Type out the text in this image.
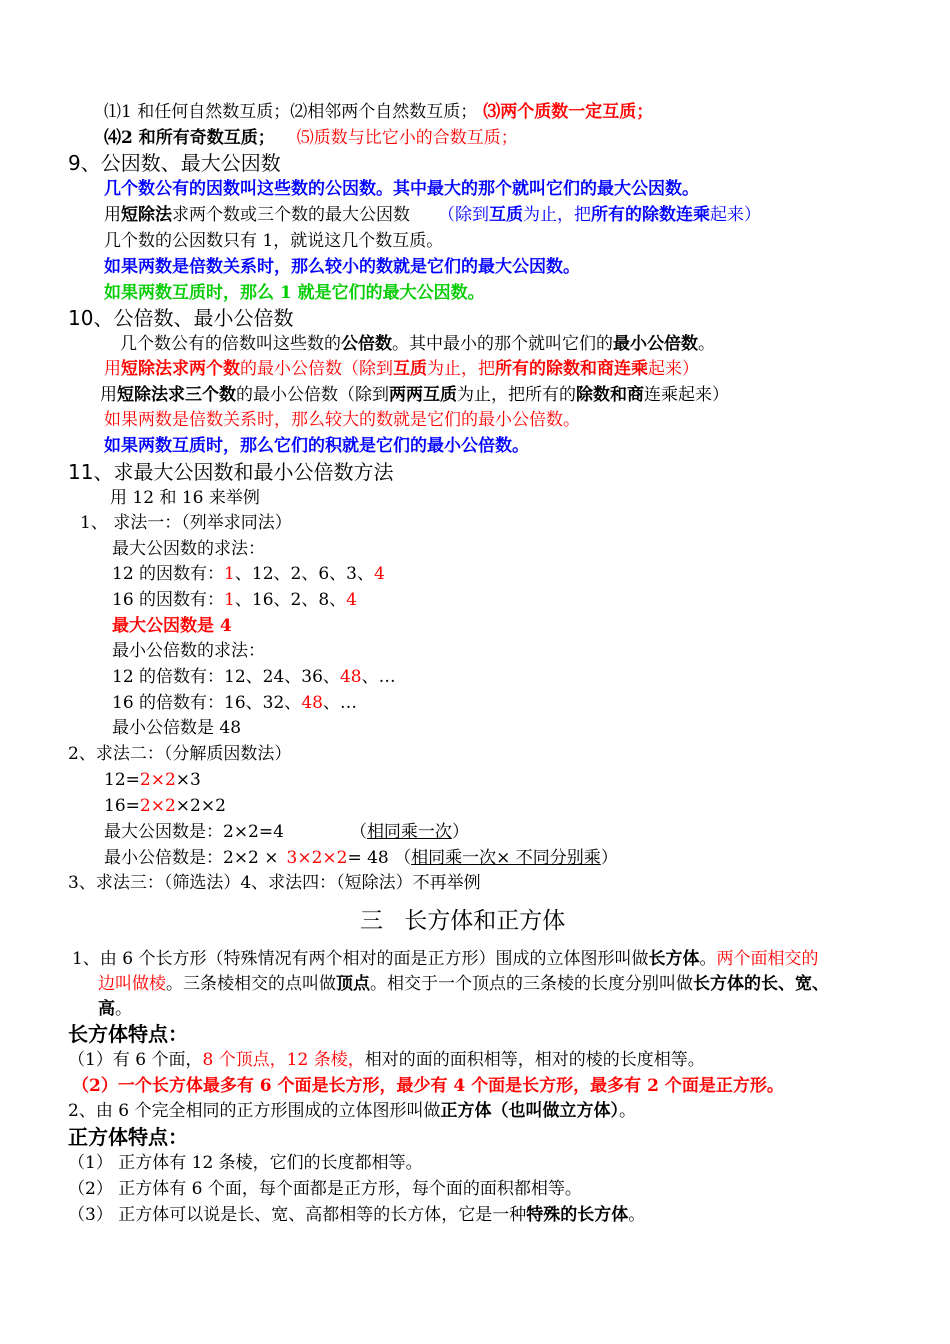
⑴1 和任何自然数互质；⑵相邻两个自然数互质； ⑶两个质数一定互质；
⑷2 和所有奇数互质； ⑸质数与比它小的合数互质；
9、公因数、最大公因数
几个数公有的因数叫这些数的公因数。其中最大的那个就叫它们的最大公因数。
用短除法求两个数或三个数的最大公因数 （除到互质为止，把所有的除数连乘起来）
几个数的公因数只有 1，就说这几个数互质。
如果两数是倍数关系时，那么较小的数就是它们的最大公因数。
如果两数互质时，那么 1 就是它们的最大公因数。
10、公倍数、最小公倍数
几个数公有的倍数叫这些数的公倍数。其中最小的那个就叫它们的最小公倍数。
用短除法求两个数的最小公倍数（除到互质为止，把所有的除数和商连乘起来）
用短除法求三个数的最小公倍数（除到两两互质为止，把所有的除数和商连乘起来）
如果两数是倍数关系时，那么较大的数就是它们的最小公倍数。
如果两数互质时，那么它们的积就是它们的最小公倍数。
11、求最大公因数和最小公倍数方法
用 12 和 16 来举例
1、 求法一：（列举求同法）
最大公因数的求法：
12 的因数有：1、12、2、6、3、4
16 的因数有：1、16、2、8、4
最大公因数是 4
最小公倍数的求法：
12 的倍数有：12、24、36、48、…
16 的倍数有：16、32、48、…
最小公倍数是 48
2、求法二：（分解质因数法）
12=2×2×3
16=2×2×2×2
最大公因数是：2×2=4	（相同乘一次）
最小公倍数是：2×2 × 3×2×2= 48 （相同乘一次× 不同分别乘）
3、求法三：（筛选法）4、求法四：（短除法）不再举例
三 长方体和正方体
1、由 6 个长方形（特殊情况有两个相对的面是正方形）围成的立体图形叫做长方体。两个面相交的
边叫做棱。三条棱相交的点叫做顶点。相交于一个顶点的三条棱的长度分别叫做长方体的长、宽、
高。
长方体特点：
（1）有 6 个面，8 个顶点，12 条棱，相对的面的面积相等，相对的棱的长度相等。
（2）一个长方体最多有 6 个面是长方形，最少有 4 个面是长方形，最多有 2 个面是正方形。
2、由 6 个完全相同的正方形围成的立体图形叫做正方体（也叫做立方体）。
正方体特点：
（1） 正方体有 12 条棱，它们的长度都相等。
（2） 正方体有 6 个面，每个面都是正方形，每个面的面积都相等。
（3） 正方体可以说是长、宽、高都相等的长方体，它是一种特殊的长方体。
